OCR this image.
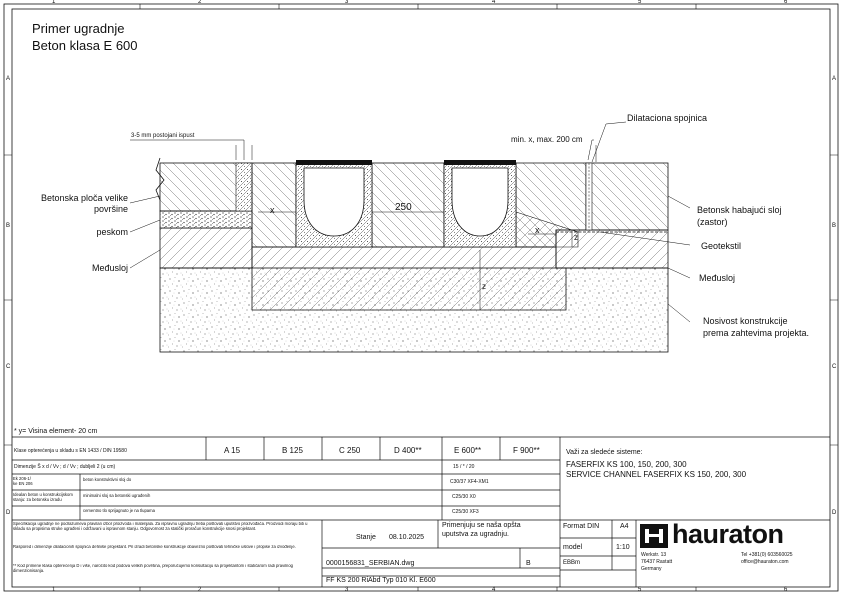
1	2	3	4	5	6
1	2	3	4	5	6
A
B
C
D
A
B
C
D
Primer ugradnje
Beton klasa E 600
Dilataciona spojnica
3-5 mm postojani ispust	min. x, max. 200 cm
Betonska ploča velike
površine
peskom
Međusloj
Betonsk habajući sloj
(zastor)
Geotekstil
Međusloj
Nosivost konstrukcije
prema zahtevima projekta.
x	250
x
z
z
* y= Visina element- 20 cm
Klase opterećenja u skladu s EN 1433 / DIN 19580	A 15	B 125	C 250	D 400**	E 600**	F 900**
Dimenzije Š x d / Vv ; d / Vv ; dubljeli 2 (u cm)	15 / * / 20
Ek 206-1/
ke EN 206
beton konstruktivni sloj do	C30/37 XF4-XM1
Idealan beton u konstrukcijskom
stanju: za betonsku izradu
minimalni sloj sa betonski ugrađenih	C25/30 X0
cementno tlo sprijagnuto je na tlupama	C25/30 XF3
Važi za sledeće sisteme:
FASERFIX KS 100, 150, 200, 300
SERVICE CHANNEL FASERFIX KS 150, 200, 300
Specifikacija ugradnje ne podrazumeva pravilan izbor proizvoda i materijala. Za ispravnu ugradnju treba poštovati uputstvo proizvođača. Proizvodi moraju biti u skladu sa propisima struke ugrađeni i održavani u ispravnom stanju. Odgovornost za statički proračun konstrukcije snosi projektant.
Raspored i dimenzije dilatacionih spojnica definiše projektant. Pri izradi betonske konstrukcije obavezno poštovati tehničke uslove i propise za izvođenje.
** Kod primene klasa opterećenja D i više, naročito kod podova velikih površina, preporučujemo konsultaciju sa projektantom i statičarom radi pravilnog dimenzionisanja.
Stanje 08.10.2025
Primenjuju se naša opšta
uputstva za ugradnju.
0000156831_SERBIAN.dwg	B
FF KS 200 RiAbd Typ 010 Kl. E600
Format DIN	A4
model	1:10
EBBm
hauraton
Werkstr. 13
76437 Rastatt
Germany
Tel +381(0) 603560025
office@hauraton.com
